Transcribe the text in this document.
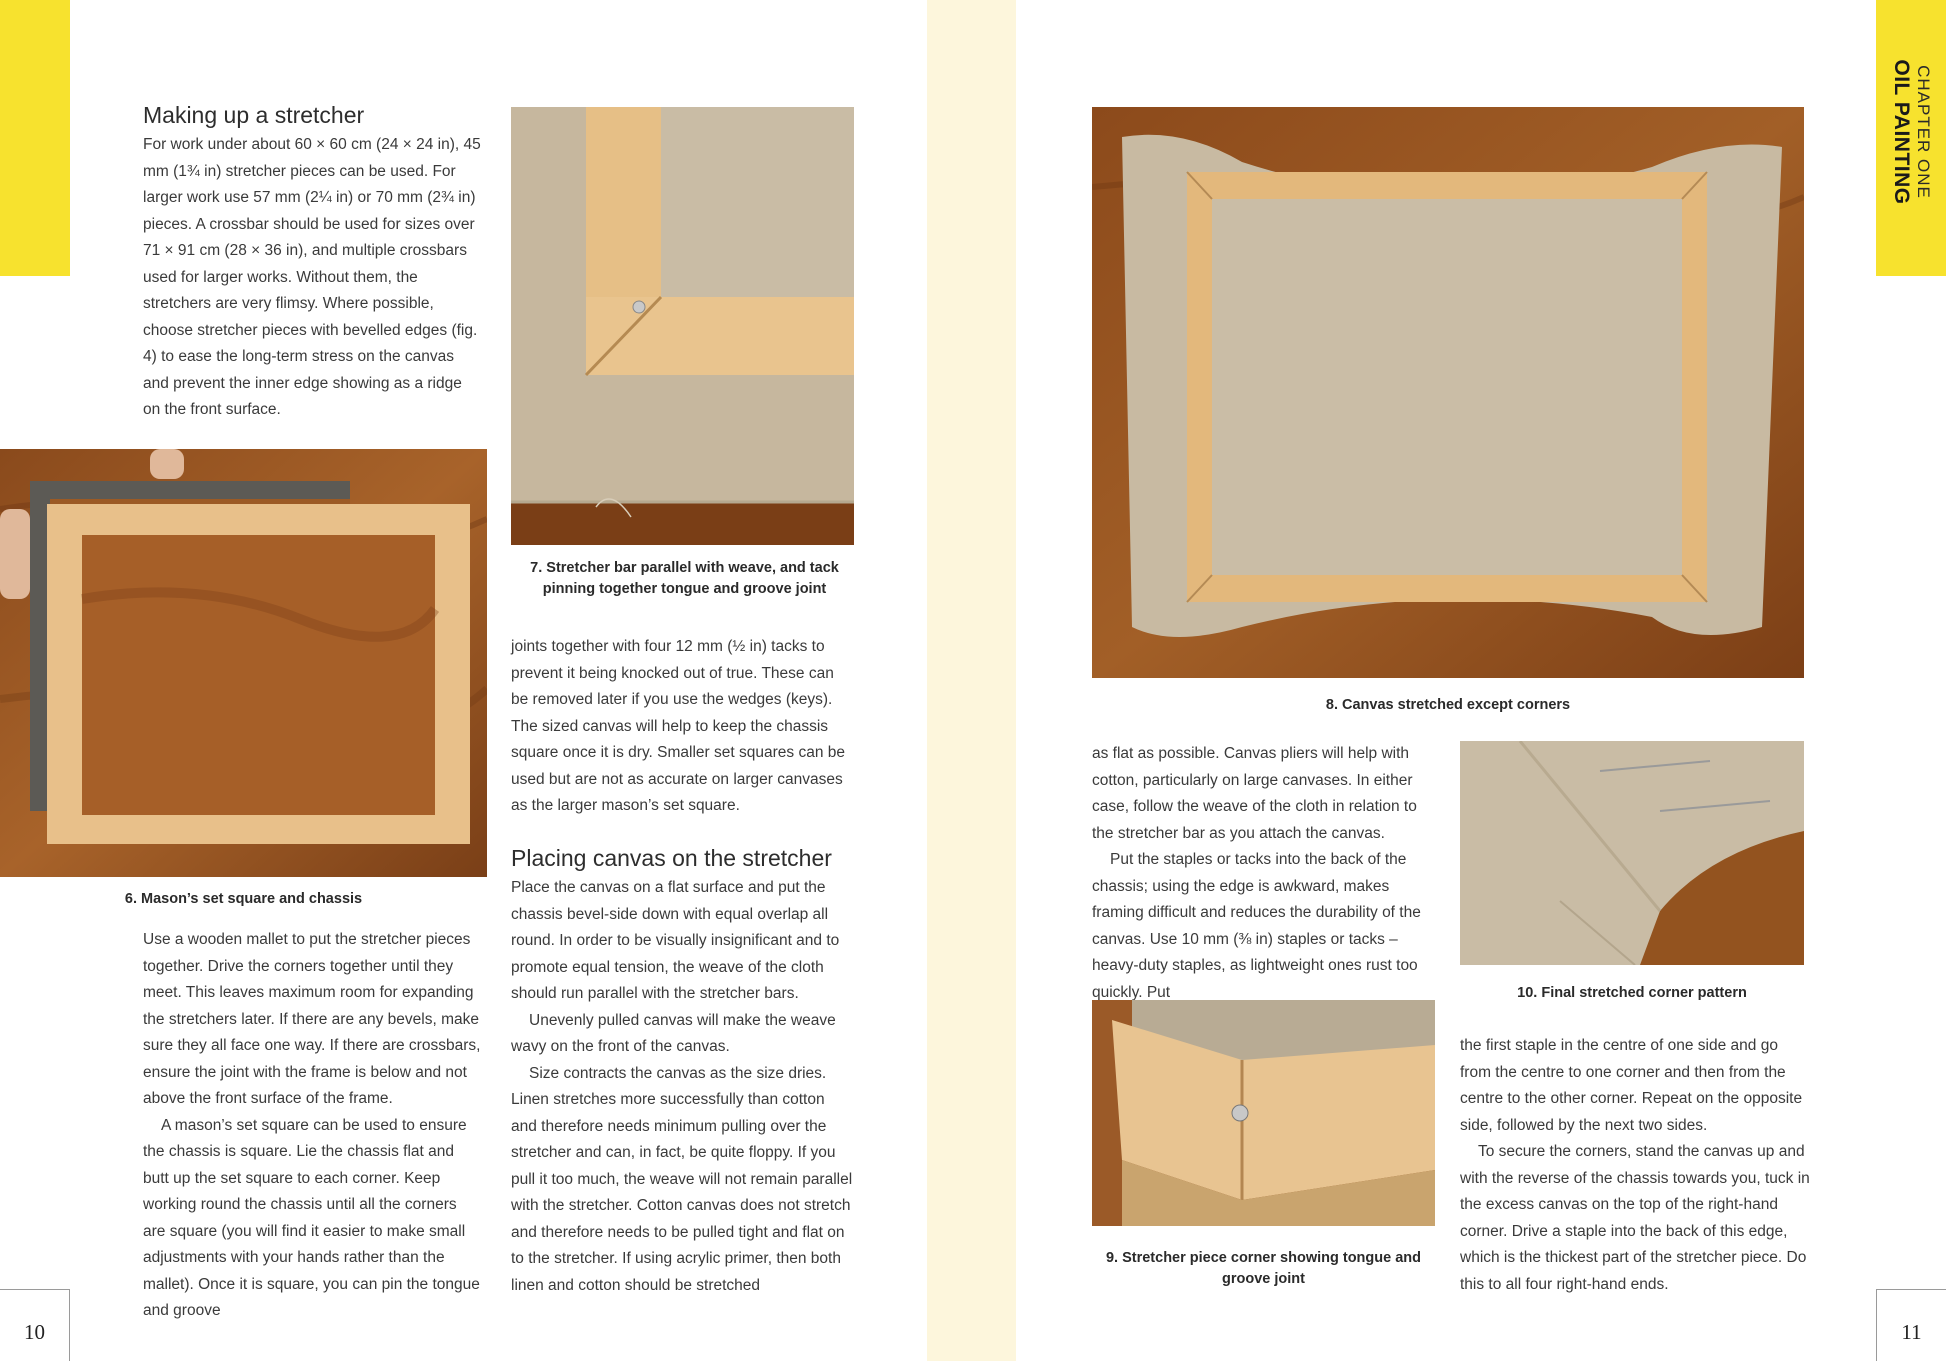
CHAPTER ONE
OIL PAINTING
Making up a stretcher

For work under about 60 × 60 cm (24 × 24 in), 45 mm (1¾ in) stretcher pieces can be used. For larger work use 57 mm (2¼ in) or 70 mm (2¾ in) pieces. A crossbar should be used for sizes over 71 × 91 cm (28 × 36 in), and multiple crossbars used for larger works. Without them, the stretchers are very flimsy. Where possible, choose stretcher pieces with bevelled edges (fig. 4) to ease the long-term stress on the canvas and prevent the inner edge showing as a ridge on the front surface.

Use a wooden mallet to put the stretcher pieces together. Drive the corners together until they meet. This leaves maximum room for expanding the stretchers later. If there are any bevels, make sure they all face one way. If there are crossbars, ensure the joint with the frame is below and not above the front surface of the frame.

A mason’s set square can be used to ensure the chassis is square. Lie the chassis flat and butt up the set square to each corner. Keep working round the chassis until all the corners are square (you will find it easier to make small adjustments with your hands rather than the mallet). Once it is square, you can pin the tongue and groove

joints together with four 12 mm (½ in) tacks to prevent it being knocked out of true. These can be removed later if you use the wedges (keys). The sized canvas will help to keep the chassis square once it is dry. Smaller set squares can be used but are not as accurate on larger canvases as the larger mason’s set square.

Placing canvas on the stretcher

Place the canvas on a flat surface and put the chassis bevel-side down with equal overlap all round. In order to be visually insignificant and to promote equal tension, the weave of the cloth should run parallel with the stretcher bars.

Unevenly pulled canvas will make the weave wavy on the front of the canvas.

Size contracts the canvas as the size dries. Linen stretches more successfully than cotton and therefore needs minimum pulling over the stretcher and can, in fact, be quite floppy. If you pull it too much, the weave will not remain parallel with the stretcher. Cotton canvas does not stretch and therefore needs to be pulled tight and flat on to the stretcher. If using acrylic primer, then both linen and cotton should be stretched

as flat as possible. Canvas pliers will help with cotton, particularly on large canvases. In either case, follow the weave of the cloth in relation to the stretcher bar as you attach the canvas.

Put the staples or tacks into the back of the chassis; using the edge is awkward, makes framing difficult and reduces the durability of the canvas. Use 10 mm (⅜ in) staples or tacks – heavy-duty staples, as lightweight ones rust too quickly. Put

the first staple in the centre of one side and go from the centre to one corner and then from the centre to the other corner. Repeat on the opposite side, followed by the next two sides.

To secure the corners, stand the canvas up and with the reverse of the chassis towards you, tuck in the excess canvas on the top of the right-hand corner. Drive a staple into the back of this edge, which is the thickest part of the stretcher piece. Do this to all four right-hand ends.

6. Mason’s set square and chassis
7. Stretcher bar parallel with weave, and tack pinning together tongue and groove joint
8. Canvas stretched except corners
9. Stretcher piece corner showing tongue and groove joint
10. Final stretched corner pattern
10	11
